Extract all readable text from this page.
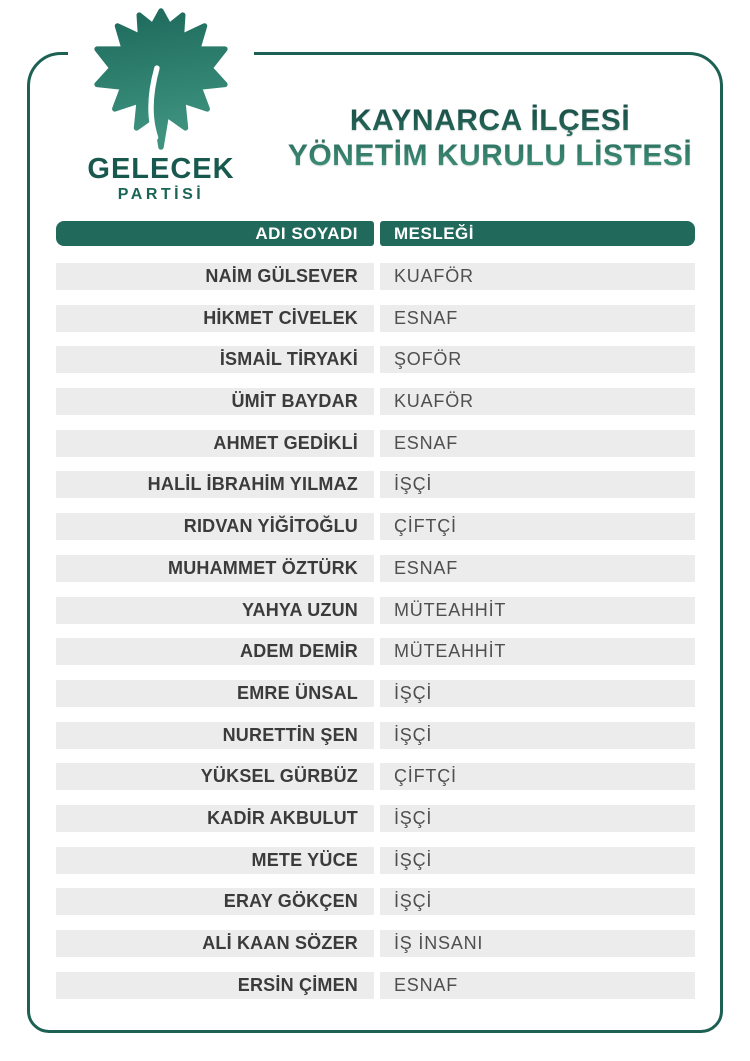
GELECEK
PARTİSİ
KAYNARCA İLÇESİ
YÖNETİM KURULU LİSTESİ
ADI SOYADI	MESLEĞİ
NAİM GÜLSEVER	KUAFÖR
HİKMET CİVELEK	ESNAF
İSMAİL TİRYAKİ	ŞOFÖR
ÜMİT BAYDAR	KUAFÖR
AHMET GEDİKLİ	ESNAF
HALİL İBRAHİM YILMAZ	İŞÇİ
RIDVAN YİĞİTOĞLU	ÇİFTÇİ
MUHAMMET ÖZTÜRK	ESNAF
YAHYA UZUN	MÜTEAHHİT
ADEM DEMİR	MÜTEAHHİT
EMRE ÜNSAL	İŞÇİ
NURETTİN ŞEN	İŞÇİ
YÜKSEL GÜRBÜZ	ÇİFTÇİ
KADİR AKBULUT	İŞÇİ
METE YÜCE	İŞÇİ
ERAY GÖKÇEN	İŞÇİ
ALİ KAAN SÖZER	İŞ İNSANI
ERSİN ÇİMEN	ESNAF
